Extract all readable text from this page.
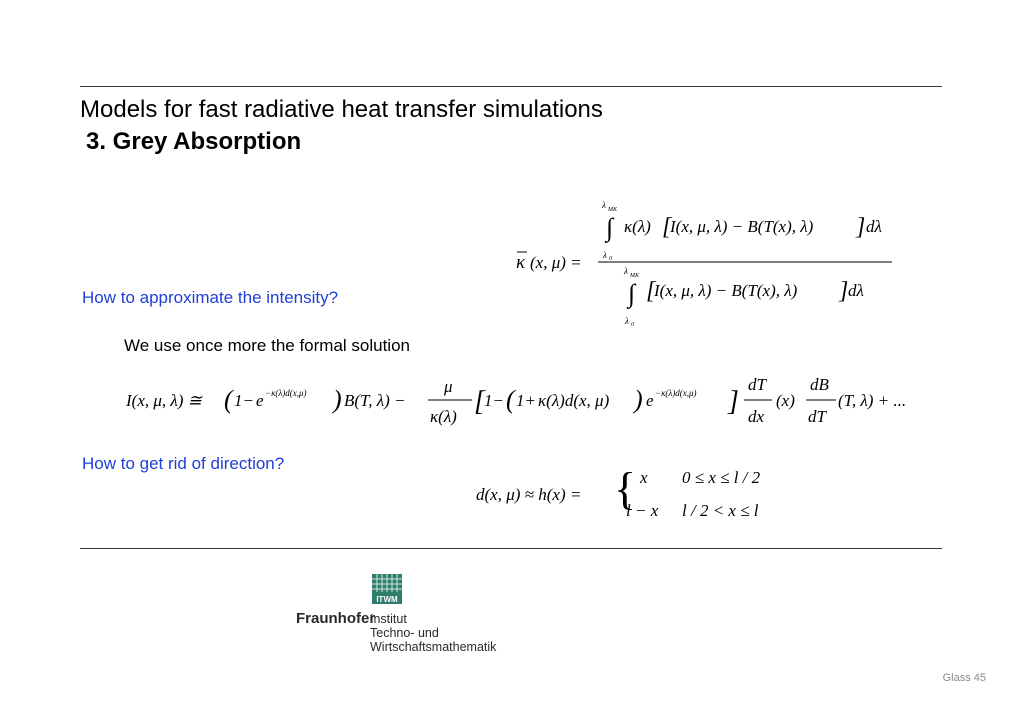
Models for fast radiative heat transfer simulations
3. Grey Absorption
κ (x, μ) =
λ MK
∫
λ 0
κ(λ) [
I(x, μ, λ) − B(T(x), λ) ] dλ
λ MK
∫
λ 0
[
I(x, μ, λ) − B(T(x), λ) ] dλ
How to approximate the intensity?
We use once more the formal solution
I(x, μ, λ) ≅ ( 1− e −κ(λ)d(x,μ) ) B(T, λ) −
μ
κ(λ) [ 1− ( 1+ κ(λ)d(x, μ) ) e −κ(λ)d(x,μ) ]
dT
dx
(x)
dB
dT
(T, λ) + ...
How to get rid of direction?
d(x, μ) ≈ h(x) = { x 0 ≤ x ≤ l / 2
l − x l / 2 < x ≤ l
ITWM
Fraunhofer
Institut
Techno- und
Wirtschaftsmathematik
Glass 45
